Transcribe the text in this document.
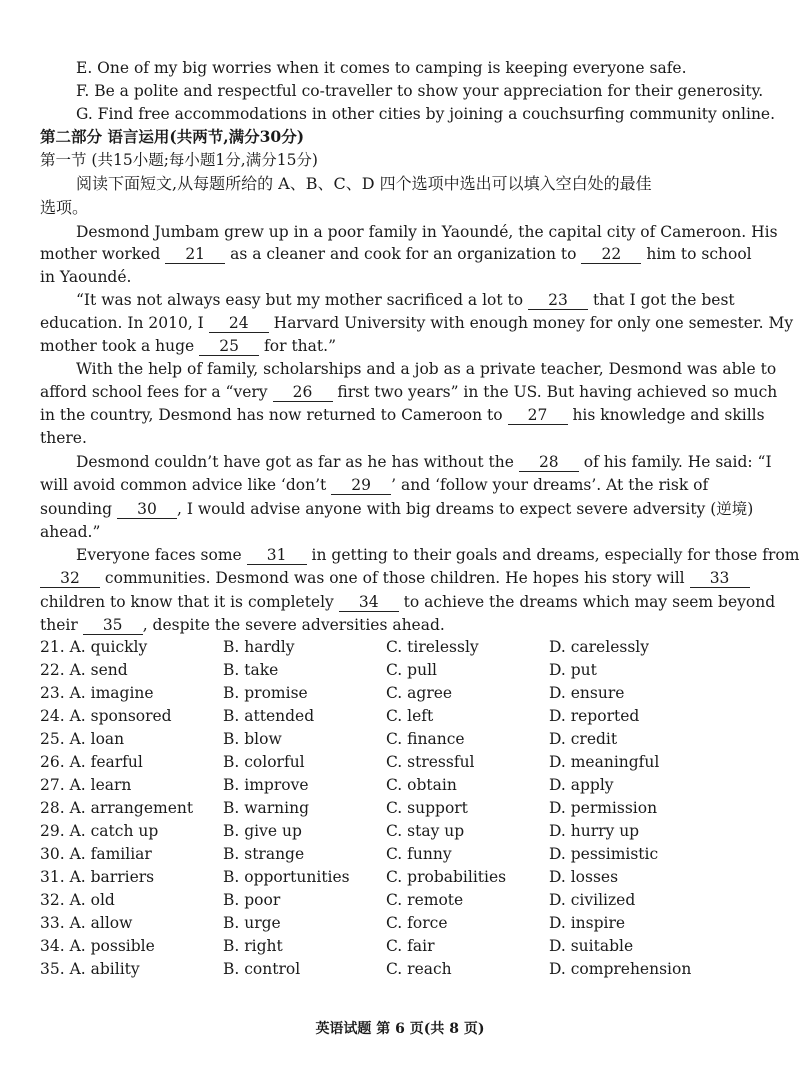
E. One of my big worries when it comes to camping is keeping everyone safe.
F. Be a polite and respectful co-traveller to show your appreciation for their generosity.
G. Find free accommodations in other cities by joining a couchsurfing community online.
第二部分 语言运用(共两节,满分30分)
第一节 (共15小题;每小题1分,满分15分)
阅读下面短文,从每题所给的 A、B、C、D 四个选项中选出可以填入空白处的最佳
选项。
Desmond Jumbam grew up in a poor family in Yaoundé, the capital city of Cameroon. His
mother worked 21 as a cleaner and cook for an organization to 22 him to school
in Yaoundé.
“It was not always easy but my mother sacrificed a lot to 23 that I got the best
education. In 2010, I 24 Harvard University with enough money for only one semester. My
mother took a huge 25 for that.”
With the help of family, scholarships and a job as a private teacher, Desmond was able to
afford school fees for a “very 26 first two years” in the US. But having achieved so much
in the country, Desmond has now returned to Cameroon to 27 his knowledge and skills
there.
Desmond couldn’t have got as far as he has without the 28 of his family. He said: “I
will avoid common advice like ‘don’t 29 ’ and ‘follow your dreams’. At the risk of
sounding 30 , I would advise anyone with big dreams to expect severe adversity (逆境)
ahead.”
Everyone faces some 31 in getting to their goals and dreams, especially for those from
32 communities. Desmond was one of those children. He hopes his story will 33
children to know that it is completely 34 to achieve the dreams which may seem beyond
their 35 , despite the severe adversities ahead.
21. A. quickly	B. hardly	C. tirelessly	D. carelessly
22. A. send	B. take	C. pull	D. put
23. A. imagine	B. promise	C. agree	D. ensure
24. A. sponsored	B. attended	C. left	D. reported
25. A. loan	B. blow	C. finance	D. credit
26. A. fearful	B. colorful	C. stressful	D. meaningful
27. A. learn	B. improve	C. obtain	D. apply
28. A. arrangement B. warning	C. support	D. permission
29. A. catch up	B. give up	C. stay up	D. hurry up
30. A. familiar	B. strange	C. funny	D. pessimistic
31. A. barriers	B. opportunities C. probabilities	D. losses
32. A. old	B. poor	C. remote	D. civilized
33. A. allow	B. urge	C. force	D. inspire
34. A. possible	B. right	C. fair	D. suitable
35. A. ability	B. control	C. reach	D. comprehension
英语试题 第 6 页(共 8 页)
